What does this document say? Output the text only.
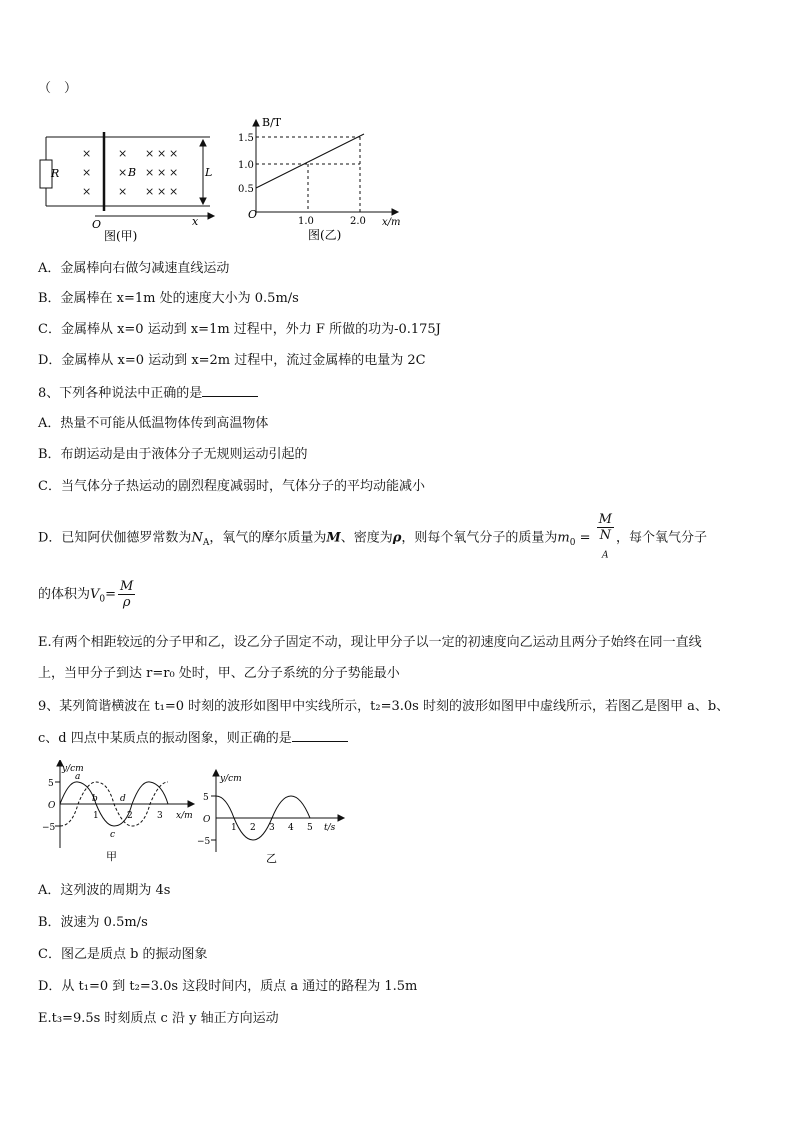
（　）
×
×
×
× × × ×
× × × ×
× × × ×
R	B	L
O	x
图(甲)
B/T
1.5
1.0
0.5
O
1.0	2.0 x/m
图(乙)
A．金属棒向右做匀减速直线运动
B．金属棒在 x=1m 处的速度大小为 0.5m/s
C．金属棒从 x=0 运动到 x=1m 过程中，外力 F 所做的功为-0.175J
D．金属棒从 x=0 运动到 x=2m 过程中，流过金属棒的电量为 2C
8、下列各种说法中正确的是
A．热量不可能从低温物体传到高温物体
B．布朗运动是由于液体分子无规则运动引起的
C．当气体分子热运动的剧烈程度减弱时，气体分子的平均动能减小
D．已知阿伏伽德罗常数为$N_A$，氧气的摩尔质量为M、密度为ρ，则每个氧气分子的质量为$m_0 = M$
N
$_A$ ，每个氧气分子
的体积为$V_0= \frac{M}{\rho}$
E.有两个相距较远的分子甲和乙，设乙分子固定不动，现让甲分子以一定的初速度向乙运动且两分子始终在同一直线
上，当甲分子到达 r=r₀ 处时，甲、乙分子系统的分子势能最小
9、某列简谐横波在 t₁=0 时刻的波形如图甲中实线所示，t₂=3.0s 时刻的波形如图甲中虚线所示，若图乙是图甲 a、b、
c、d 四点中某质点的振动图象，则正确的是
y/cm
5
O
−5
1	2	3 x/m
a
b
c
d
甲
y/cm
5
O
−5
1 2 3 4 5 t/s
乙
A．这列波的周期为 4s
B．波速为 0.5m/s
C．图乙是质点 b 的振动图象
D．从 t₁=0 到 t₂=3.0s 这段时间内，质点 a 通过的路程为 1.5m
E.t₃=9.5s 时刻质点 c 沿 y 轴正方向运动
